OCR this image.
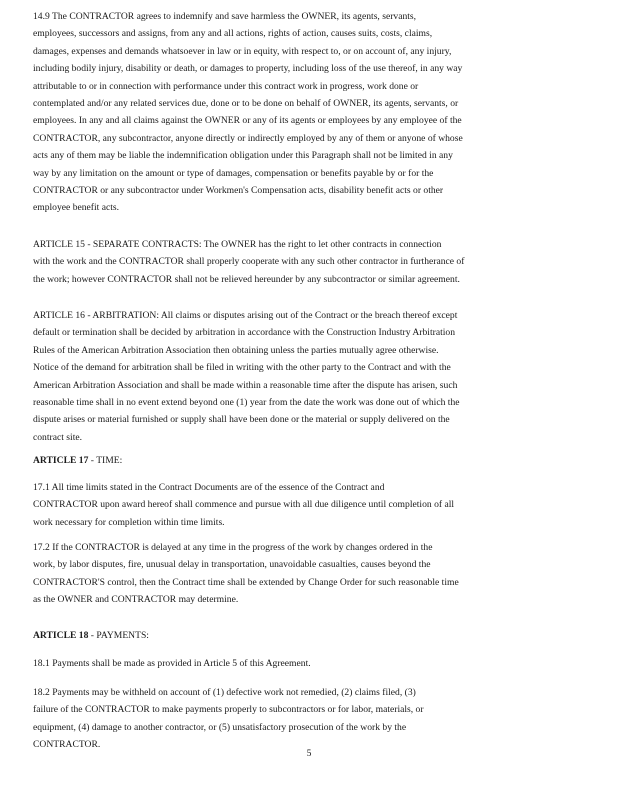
14.9 The CONTRACTOR agrees to indemnify and save harmless the OWNER, its agents, servants,
employees, successors and assigns, from any and all actions, rights of action, causes suits, costs, claims,
damages, expenses and demands whatsoever in law or in equity, with respect to, or on account of, any injury,
including bodily injury, disability or death, or damages to property, including loss of the use thereof, in any way
attributable to or in connection with performance under this contract work in progress, work done or
contemplated and/or any related services due, done or to be done on behalf of OWNER, its agents, servants, or
employees. In any and all claims against the OWNER or any of its agents or employees by any employee of the
CONTRACTOR, any subcontractor, anyone directly or indirectly employed by any of them or anyone of whose
acts any of them may be liable the indemnification obligation under this Paragraph shall not be limited in any
way by any limitation on the amount or type of damages, compensation or benefits payable by or for the
CONTRACTOR or any subcontractor under Workmen's Compensation acts, disability benefit acts or other
employee benefit acts.

ARTICLE 15 - SEPARATE CONTRACTS: The OWNER has the right to let other contracts in connection
with the work and the CONTRACTOR shall properly cooperate with any such other contractor in furtherance of
the work; however CONTRACTOR shall not be relieved hereunder by any subcontractor or similar agreement.

ARTICLE 16 - ARBITRATION: All claims or disputes arising out of the Contract or the breach thereof except
default or termination shall be decided by arbitration in accordance with the Construction Industry Arbitration
Rules of the American Arbitration Association then obtaining unless the parties mutually agree otherwise.
Notice of the demand for arbitration shall be filed in writing with the other party to the Contract and with the
American Arbitration Association and shall be made within a reasonable time after the dispute has arisen, such
reasonable time shall in no event extend beyond one (1) year from the date the work was done out of which the
dispute arises or material furnished or supply shall have been done or the material or supply delivered on the
contract site.

ARTICLE 17 - TIME:

17.1 All time limits stated in the Contract Documents are of the essence of the Contract and
CONTRACTOR upon award hereof shall commence and pursue with all due diligence until completion of all
work necessary for completion within time limits.

17.2 If the CONTRACTOR is delayed at any time in the progress of the work by changes ordered in the
work, by labor disputes, fire, unusual delay in transportation, unavoidable casualties, causes beyond the
CONTRACTOR'S control, then the Contract time shall be extended by Change Order for such reasonable time
as the OWNER and CONTRACTOR may determine.

ARTICLE 18 - PAYMENTS:

18.1 Payments shall be made as provided in Article 5 of this Agreement.

18.2 Payments may be withheld on account of (1) defective work not remedied, (2) claims filed, (3)
failure of the CONTRACTOR to make payments properly to subcontractors or for labor, materials, or
equipment, (4) damage to another contractor, or (5) unsatisfactory prosecution of the work by the
CONTRACTOR.

5
